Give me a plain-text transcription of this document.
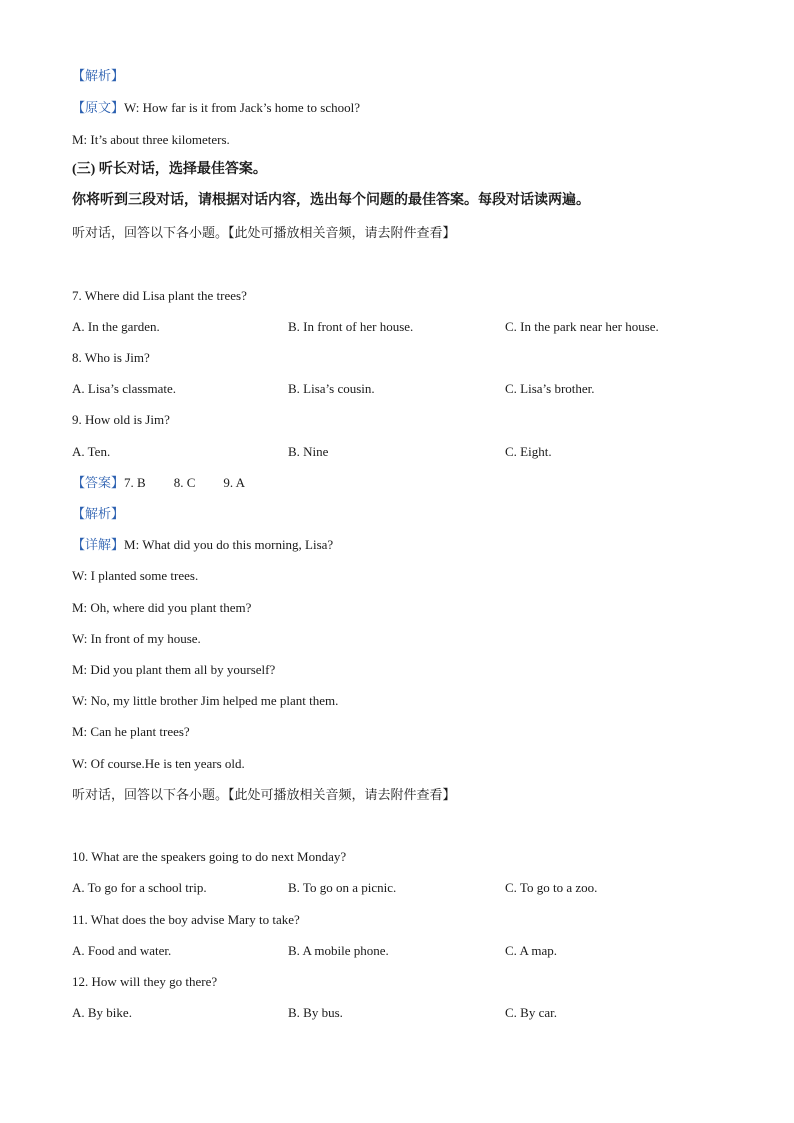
【解析】
【原文】W: How far is it from Jack’s home to school?
M: It’s about three kilometers.
(三) 听长对话，选择最佳答案。
你将听到三段对话，请根据对话内容，选出每个问题的最佳答案。每段对话读两遍。
听对话，回答以下各小题。【此处可播放相关音频，请去附件查看】
7. Where did Lisa plant the trees?
A. In the garden.	B. In front of her house.	C. In the park near her house.
8. Who is Jim?
A. Lisa’s classmate.	B. Lisa’s cousin.	C. Lisa’s brother.
9. How old is Jim?
A. Ten.	B. Nine	C. Eight.
【答案】7. B 8. C 9. A
【解析】
【详解】M: What did you do this morning, Lisa?
W: I planted some trees.
M: Oh, where did you plant them?
W: In front of my house.
M: Did you plant them all by yourself?
W: No, my little brother Jim helped me plant them.
M: Can he plant trees?
W: Of course.He is ten years old.
听对话，回答以下各小题。【此处可播放相关音频，请去附件查看】
10. What are the speakers going to do next Monday?
A. To go for a school trip.	B. To go on a picnic.	C. To go to a zoo.
11. What does the boy advise Mary to take?
A. Food and water.	B. A mobile phone.	C. A map.
12. How will they go there?
A. By bike.	B. By bus.	C. By car.
